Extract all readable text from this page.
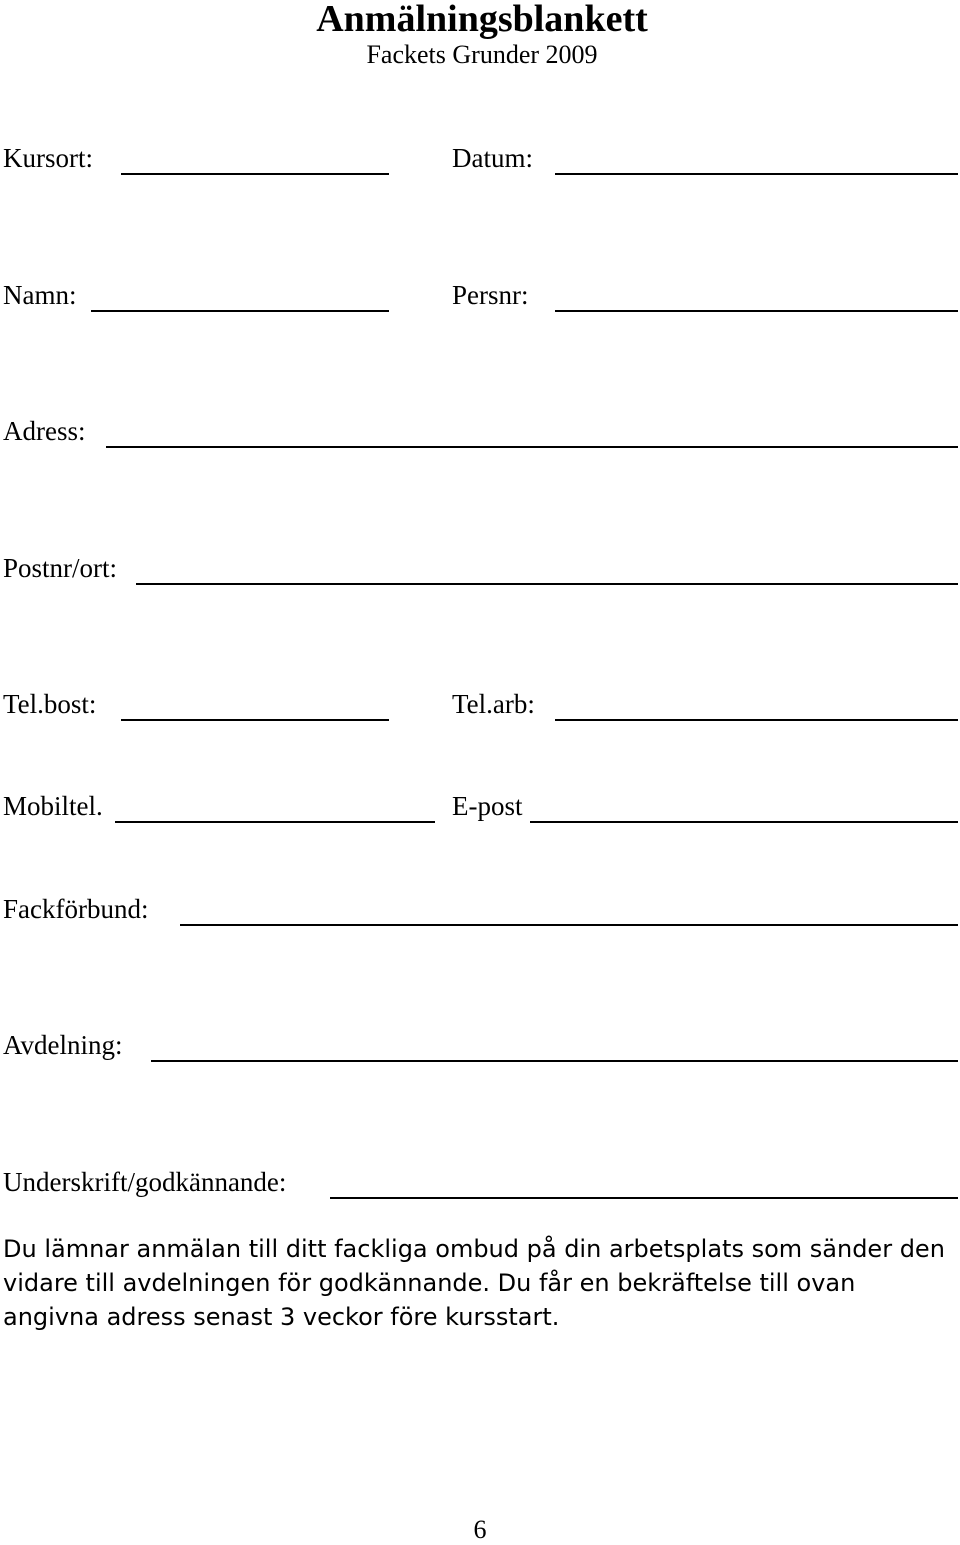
Anmälningsblankett
Fackets Grunder 2009
Kursort:	Datum:
Namn:	Persnr:
Adress:
Postnr/ort:
Tel.bost:	Tel.arb:
Mobiltel.	E-post
Fackförbund:
Avdelning:
Underskrift/godkännande:

Du lämnar anmälan till ditt fackliga ombud på din arbetsplats som sänder den vidare till avdelningen för godkännande. Du får en bekräftelse till ovan angivna adress senast 3 veckor före kursstart.

6
